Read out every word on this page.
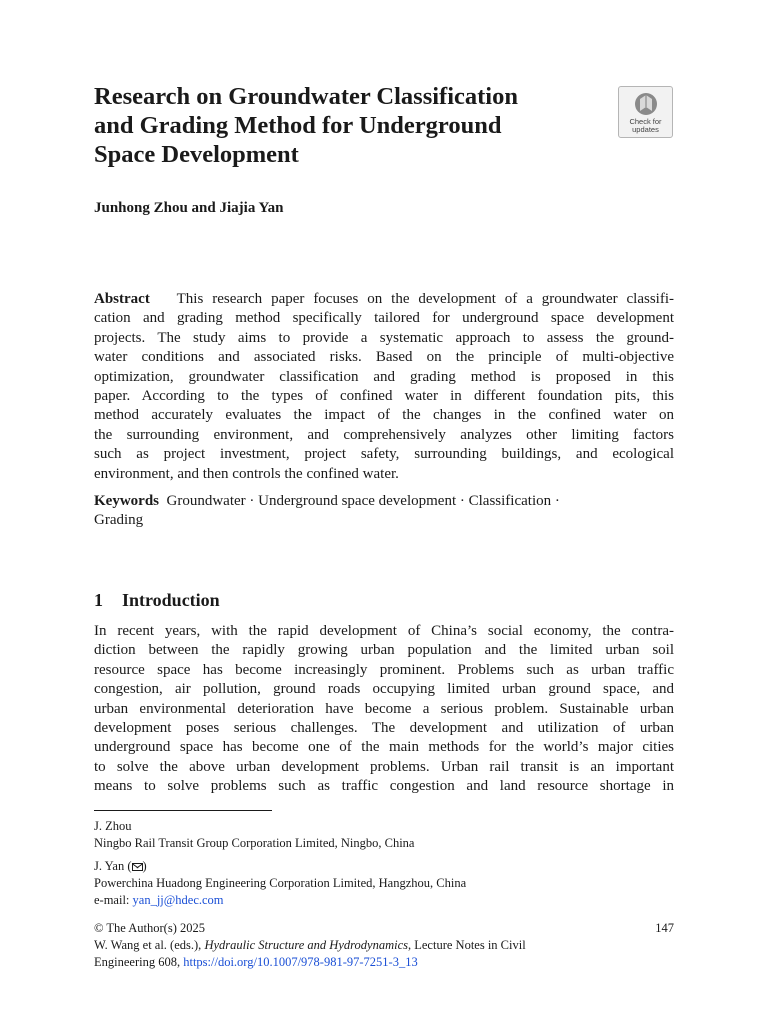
Research on Groundwater Classification
and Grading Method for Underground
Space Development
Check for
updates
Junhong Zhou and Jiajia Yan
Abstract This research paper focuses on the development of a groundwater classifi-
cation and grading method specifically tailored for underground space development
projects. The study aims to provide a systematic approach to assess the ground-
water conditions and associated risks. Based on the principle of multi-objective
optimization, groundwater classification and grading method is proposed in this
paper. According to the types of confined water in different foundation pits, this
method accurately evaluates the impact of the changes in the confined water on
the surrounding environment, and comprehensively analyzes other limiting factors
such as project investment, project safety, surrounding buildings, and ecological
environment, and then controls the confined water.
Keywords Groundwater · Underground space development · Classification ·
Grading
1 Introduction
In recent years, with the rapid development of China’s social economy, the contra-
diction between the rapidly growing urban population and the limited urban soil
resource space has become increasingly prominent. Problems such as urban traffic
congestion, air pollution, ground roads occupying limited urban ground space, and
urban environmental deterioration have become a serious problem. Sustainable urban
development poses serious challenges. The development and utilization of urban
underground space has become one of the main methods for the world’s major cities
to solve the above urban development problems. Urban rail transit is an important
means to solve problems such as traffic congestion and land resource shortage in
J. Zhou
Ningbo Rail Transit Group Corporation Limited, Ningbo, China
J. Yan ( )
Powerchina Huadong Engineering Corporation Limited, Hangzhou, China
e-mail: yan_jj@hdec.com
© The Author(s) 2025	147
W. Wang et al. (eds.), Hydraulic Structure and Hydrodynamics, Lecture Notes in Civil
Engineering 608, https://doi.org/10.1007/978-981-97-7251-3_13
